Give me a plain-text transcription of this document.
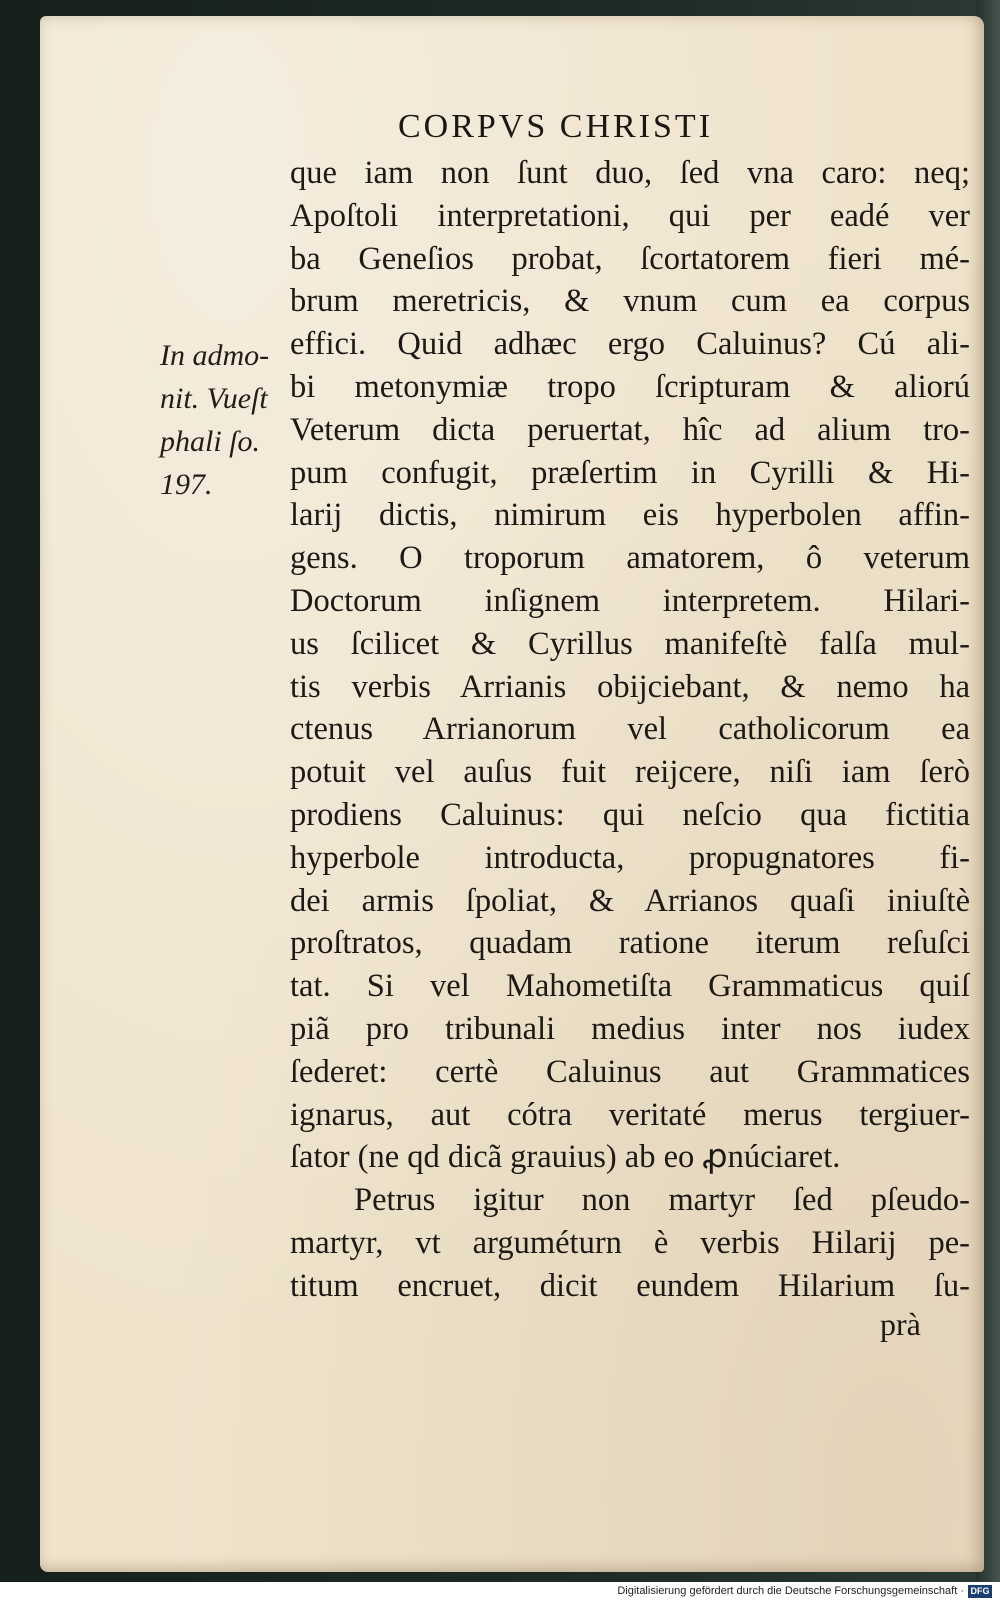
CORPVS CHRISTI
In admo-
nit. Vueſt
phali ſo.
197.
que iam non ſunt duo, ſed vna caro: neq;
Apoſtoli interpretationi, qui per eadé ver
ba Geneſios probat, ſcortatorem fieri mé-
brum meretricis, & vnum cum ea corpus
effici. Quid adhæc ergo Caluinus? Cú ali-
bi metonymiæ tropo ſcripturam & aliorú
Veterum dicta peruertat, hîc ad alium tro-
pum confugit, præſertim in Cyrilli & Hi-
larij dictis, nimirum eis hyperbolen affin-
gens. O troporum amatorem, ô veterum
Doctorum inſignem interpretem. Hilari-
us ſcilicet & Cyrillus manifeſtè falſa mul-
tis verbis Arrianis obijciebant, & nemo ha
ctenus Arrianorum vel catholicorum ea
potuit vel auſus fuit reijcere, niſi iam ſerò
prodiens Caluinus: qui neſcio qua fictitia
hyperbole introducta, propugnatores fi-
dei armis ſpoliat, & Arrianos quaſi iniuſtè
proſtratos, quadam ratione iterum reſuſci
tat. Si vel Mahometiſta Grammaticus quiſ
piã pro tribunali medius inter nos iudex
ſederet: certè Caluinus aut Grammatices
ignarus, aut cótra veritaté merus tergiuer-
ſator (ne qd dicã grauius) ab eo ꝓnúciaret.
Petrus igitur non martyr ſed pſeudo-
martyr, vt arguméturn è verbis Hilarij pe-
titum encruet, dicit eundem Hilarium ſu-
prà
Digitalisierung gefördert durch die Deutsche Forschungsgemeinschaft · DFG
